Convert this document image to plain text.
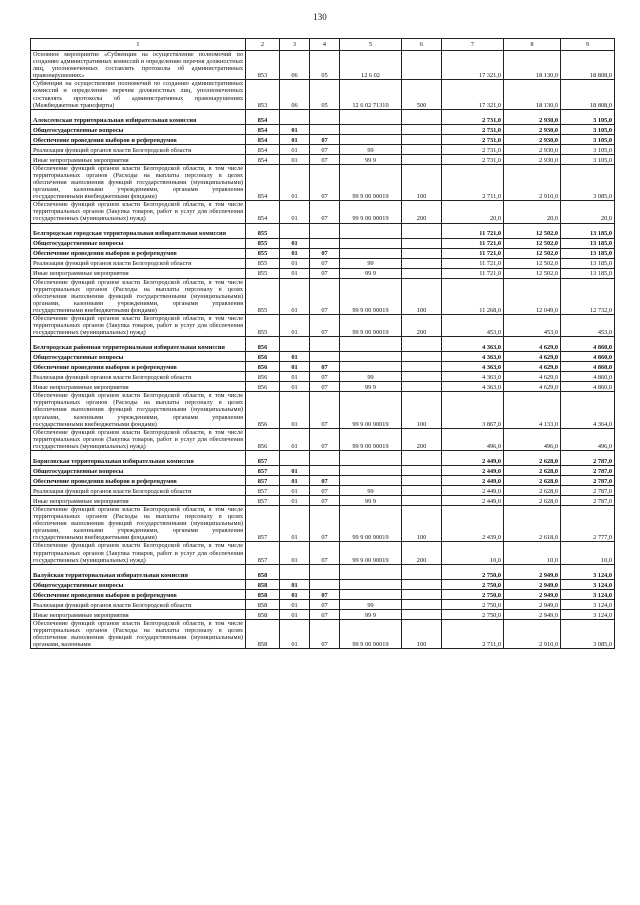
130
1	2	3	4	5	6	7	8	9
Основное мероприятие «Субвенции на осуществление полномочий по созданию административных комиссий и определению перечня должностных лиц, уполномоченных составлять протоколы об административных правонарушениях»	853	06	05	12 6 02		17 321,0	18 130,0	18 808,0
Субвенции на осуществление полномочий по созданию административных комиссий и определению перечня должностных лиц, уполномоченных составлять протоколы об административных правонарушениях (Межбюджетные трансферты)	853	06	05	12 6 02 71310	500	17 321,0	18 130,0	18 808,0
Алексеевская территориальная избирательная комиссия	854					2 731,0	2 930,0	3 105,0
Общегосударственные вопросы	854	01				2 731,0	2 930,0	3 105,0
Обеспечение проведения выборов и референдумов	854	01	07			2 731,0	2 930,0	3 105,0
Реализация функций органов власти Белгородской области	854	01	07	99		2 731,0	2 930,0	3 105,0
Иные непрограммные мероприятия	854	01	07	99 9		2 731,0	2 930,0	3 105,0
Обеспечение функций органов власти Белгородской области, в том числе территориальных органов (Расходы на выплаты персоналу в целях обеспечения выполнения функций государственными (муниципальными) органами, казенными учреждениями, органами управления государственными внебюджетными фондами)	854	01	07	99 9 00 90019	100	2 711,0	2 910,0	3 085,0
Обеспечение функций органов власти Белгородской области, в том числе территориальных органов (Закупка товаров, работ и услуг для обеспечения государственных (муниципальных) нужд)	854	01	07	99 9 00 90019	200	20,0	20,0	20,0
Белгородская городская территориальная избирательная комиссия	855					11 721,0	12 502,0	13 185,0
Общегосударственные вопросы	855	01				11 721,0	12 502,0	13 185,0
Обеспечение проведения выборов и референдумов	855	01	07			11 721,0	12 502,0	13 185,0
Реализация функций органов власти Белгородской области	855	01	07	99		11 721,0	12 502,0	13 185,0
Иные непрограммные мероприятия	855	01	07	99 9		11 721,0	12 502,0	13 185,0
Обеспечение функций органов власти Белгородской области, в том числе территориальных органов (Расходы на выплаты персоналу в целях обеспечения выполнения функций государственными (муниципальными) органами, казенными учреждениями, органами управления государственными внебюджетными фондами)	855	01	07	99 9 00 90019	100	11 268,0	12 049,0	12 732,0
Обеспечение функций органов власти Белгородской области, в том числе территориальных органов (Закупка товаров, работ и услуг для обеспечения государственных (муниципальных) нужд)	855	01	07	99 9 00 90019	200	453,0	453,0	453,0
Белгородская районная территориальная избирательная комиссия	856					4 363,0	4 629,0	4 860,0
Общегосударственные вопросы	856	01				4 363,0	4 629,0	4 860,0
Обеспечение проведения выборов и референдумов	856	01	07			4 363,0	4 629,0	4 860,0
Реализация функций органов власти Белгородской области	856	01	07	99		4 363,0	4 629,0	4 860,0
Иные непрограммные мероприятия	856	01	07	99 9		4 363,0	4 629,0	4 860,0
Обеспечение функций органов власти Белгородской области, в том числе территориальных органов (Расходы на выплаты персоналу в целях обеспечения выполнения функций государственными (муниципальными) органами, казенными учреждениями, органами управления государственными внебюджетными фондами)	856	01	07	99 9 00 90019	100	3 867,0	4 133,0	4 364,0
Обеспечение функций органов власти Белгородской области, в том числе территориальных органов (Закупка товаров, работ и услуг для обеспечения государственных (муниципальных) нужд)	856	01	07	99 9 00 90019	200	496,0	496,0	496,0
Борисовская территориальная избирательная комиссия	857					2 449,0	2 628,0	2 787,0
Общегосударственные вопросы	857	01				2 449,0	2 628,0	2 787,0
Обеспечение проведения выборов и референдумов	857	01	07			2 449,0	2 628,0	2 787,0
Реализация функций органов власти Белгородской области	857	01	07	99		2 449,0	2 628,0	2 787,0
Иные непрограммные мероприятия	857	01	07	99 9		2 449,0	2 628,0	2 787,0
Обеспечение функций органов власти Белгородской области, в том числе территориальных органов (Расходы на выплаты персоналу в целях обеспечения выполнения функций государственными (муниципальными) органами, казенными учреждениями, органами управления государственными внебюджетными фондами)	857	01	07	99 9 00 90019	100	2 439,0	2 618,0	2 777,0
Обеспечение функций органов власти Белгородской области, в том числе территориальных органов (Закупка товаров, работ и услуг для обеспечения государственных (муниципальных) нужд)	857	01	07	99 9 00 90019	200	10,0	10,0	10,0
Валуйская территориальная избирательная комиссия	858					2 750,0	2 949,0	3 124,0
Общегосударственные вопросы	858	01				2 750,0	2 949,0	3 124,0
Обеспечение проведения выборов и референдумов	858	01	07			2 750,0	2 949,0	3 124,0
Реализация функций органов власти Белгородской области	858	01	07	99		2 750,0	2 949,0	3 124,0
Иные непрограммные мероприятия	858	01	07	99 9		2 750,0	2 949,0	3 124,0
Обеспечение функций органов власти Белгородской области, в том числе территориальных органов (Расходы на выплаты персоналу в целях обеспечения выполнения функций государственными (муниципальными) органами, казенными	858	01	07	99 9 00 90019	100	2 711,0	2 910,0	3 085,0
